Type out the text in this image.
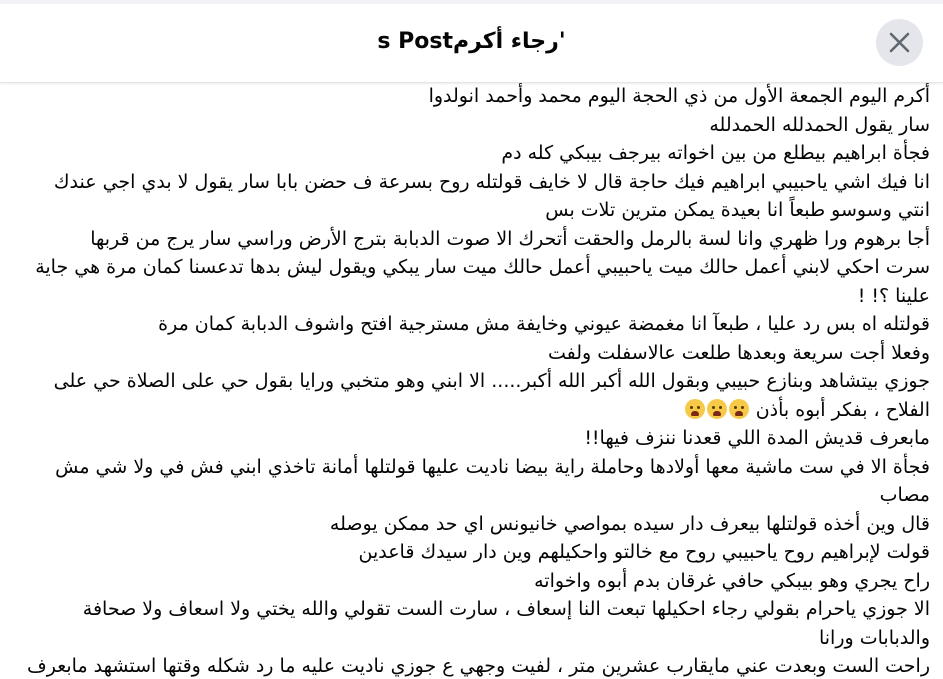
s Postرجاء أكرم'
أكرم اليوم الجمعة الأول من ذي الحجة اليوم محمد وأحمد انولدوا
سار يقول الحمدلله الحمدلله
فجأة ابراهيم بيطلع من بين اخواته بيرجف بيبكي كله دم
انا فيك اشي ياحبيبي ابراهيم فيك حاجة قال لا خايف قولتله روح بسرعة ف حضن بابا سار يقول لا بدي اجي عندك انتي وسوسو طبعاً انا بعيدة يمكن مترين تلات بس
أجا برهوم ورا ظهري وانا لسة بالرمل والحقت أتحرك الا صوت الدبابة بترج الأرض وراسي سار يرج من قربها
سرت احكي لابني أعمل حالك ميت ياحبيبي أعمل حالك ميت سار يبكي ويقول ليش بدها تدعسنا كمان مرة هي جاية علينا ؟! !
قولتله اه بس رد عليا ، طبعآ انا مغمضة عيوني وخايفة مش مسترجية افتح واشوف الدبابة كمان مرة
وفعلا أجت سريعة وبعدها طلعت عالاسفلت ولفت
جوزي بيتشاهد وبنازع حبيبي وبقول الله أكبر الله أكبر..... الا ابني وهو متخبي ورايا بقول حي على الصلاة حي على الفلاح ، بفكر أبوه بأذن
مابعرف قديش المدة اللي قعدنا ننزف فيها!!
فجأة الا في ست ماشية معها أولادها وحاملة راية بيضا ناديت عليها قولتلها أمانة تاخذي ابني فش في ولا شي مش مصاب
قال وين أخذه قولتلها بيعرف دار سيده بمواصي خانيونس اي حد ممكن يوصله
قولت لإبراهيم روح ياحبيبي روح مع خالتو واحكيلهم وين دار سيدك قاعدين
راح يجري وهو بيبكي حافي غرقان بدم أبوه واخواته
الا جوزي ياحرام بقولي رجاء احكيلها تبعت النا إسعاف ، سارت الست تقولي والله يختي ولا اسعاف ولا صحافة والدبابات ورانا
راحت الست وبعدت عني مايقارب عشرين متر ، لفيت وجهي ع جوزي ناديت عليه ما رد شكله وقتها استشهد مابعرف
